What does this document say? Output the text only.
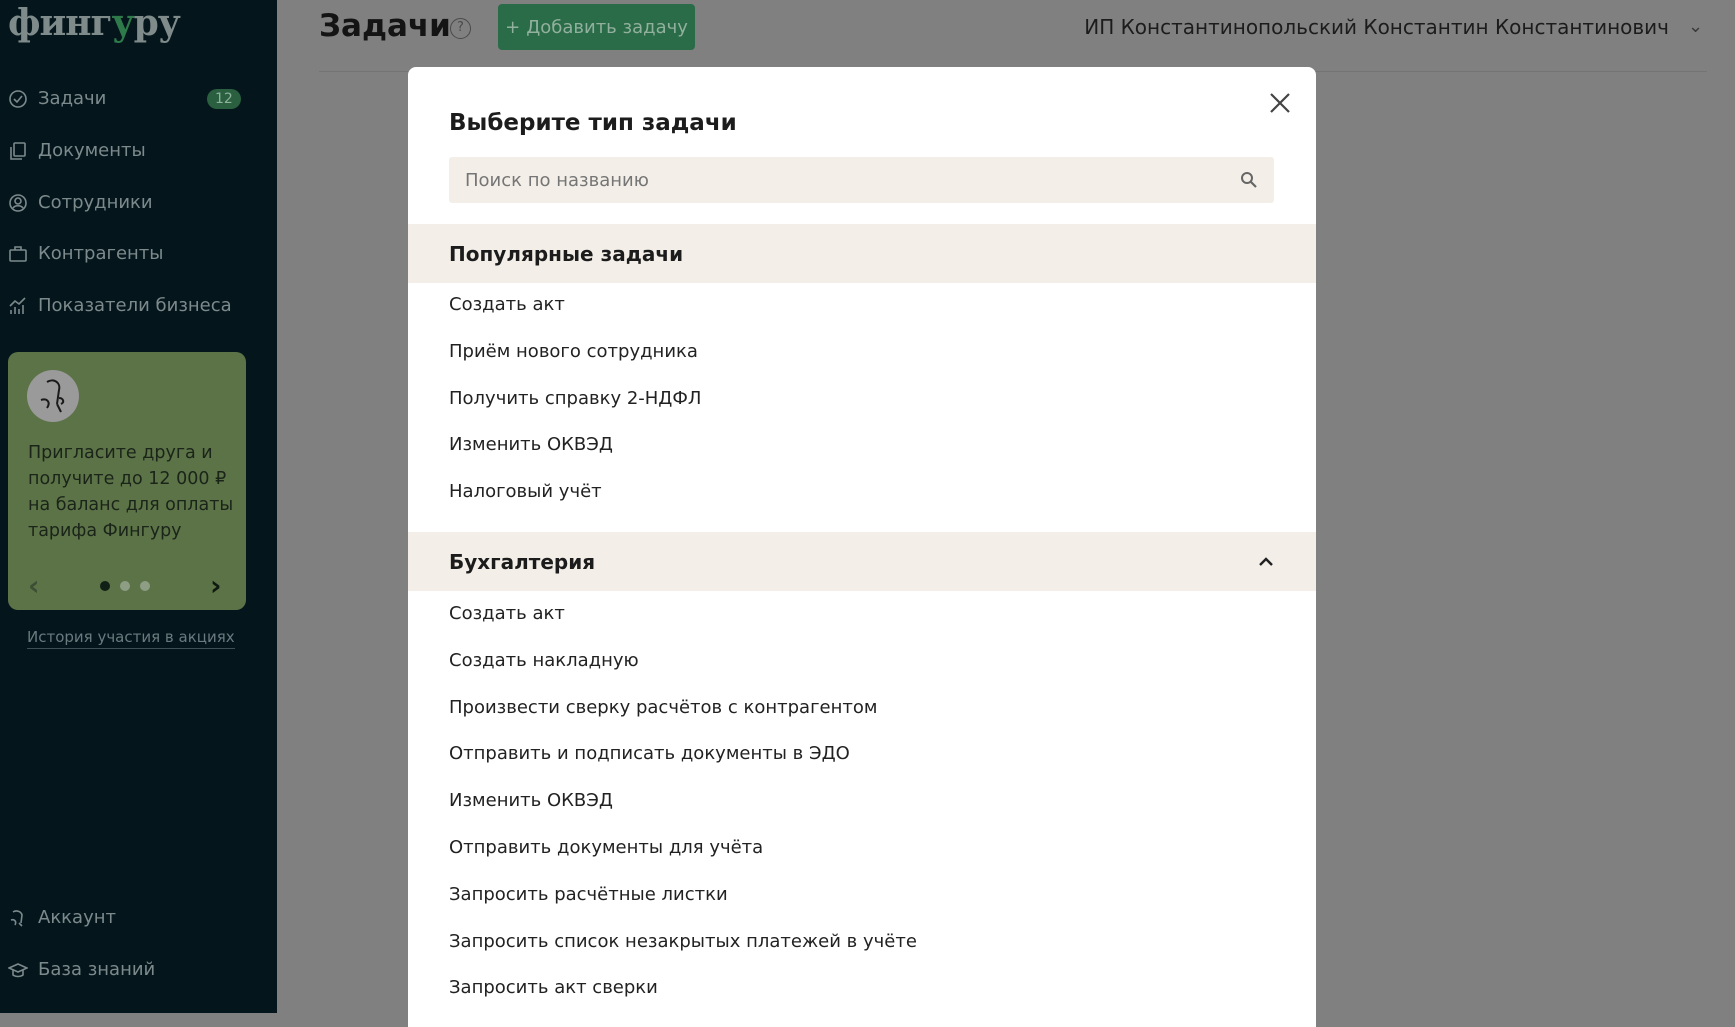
фингуру
Задачи	12
Документы
Сотрудники
Контрагенты
Показатели бизнеса
Пригласите друга и получите до 12 000 ₽ на баланс для оплаты тарифа Фингуру
‹	›
История участия в акциях
Аккаунт
База знаний
Задачи ?	+ Добавить задачу	ИП Константинопольский Константин Константинович ⌄
Выберите тип задачи
Поиск по названию
Популярные задачи
Создать акт
Приём нового сотрудника
Получить справку 2-НДФЛ
Изменить ОКВЭД
Налоговый учёт
Бухгалтерия
Создать акт
Создать накладную
Произвести сверку расчётов с контрагентом
Отправить и подписать документы в ЭДО
Изменить ОКВЭД
Отправить документы для учёта
Запросить расчётные листки
Запросить список незакрытых платежей в учёте
Запросить акт сверки
